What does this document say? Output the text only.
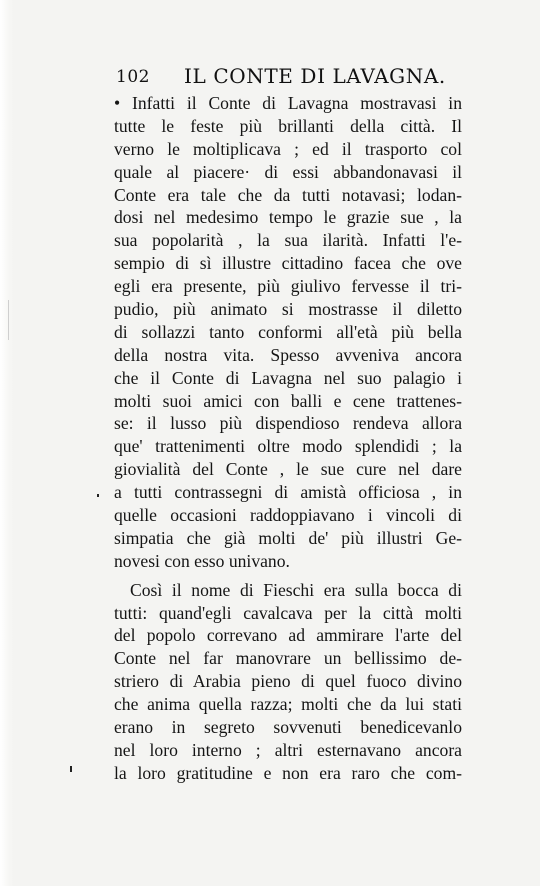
102 IL CONTE DI LAVAGNA.
• Infatti il Conte di Lavagna mostravasi in
tutte le feste più brillanti della città. Il
verno le moltiplicava ; ed il trasporto col
quale al piacere· di essi abbandonavasi il
Conte era tale che da tutti notavasi; lodan-
dosi nel medesimo tempo le grazie sue , la
sua popolarità , la sua ilarità. Infatti l'e-
sempio di sì illustre cittadino facea che ove
egli era presente, più giulivo fervesse il tri-
pudio, più animato si mostrasse il diletto
di sollazzi tanto conformi all'età più bella
della nostra vita. Spesso avveniva ancora
che il Conte di Lavagna nel suo palagio i
molti suoi amici con balli e cene trattenes-
se: il lusso più dispendioso rendeva allora
que' trattenimenti oltre modo splendidi ; la
giovialità del Conte , le sue cure nel dare
a tutti contrassegni di amistà officiosa , in
quelle occasioni raddoppiavano i vincoli di
simpatia che già molti de' più illustri Ge-
novesi con esso univano.
Così il nome di Fieschi era sulla bocca di
tutti: quand'egli cavalcava per la città molti
del popolo correvano ad ammirare l'arte del
Conte nel far manovrare un bellissimo de-
striero di Arabia pieno di quel fuoco divino
che anima quella razza; molti che da lui stati
erano in segreto sovvenuti benedicevanlo
nel loro interno ; altri esternavano ancora
la loro gratitudine e non era raro che com-
